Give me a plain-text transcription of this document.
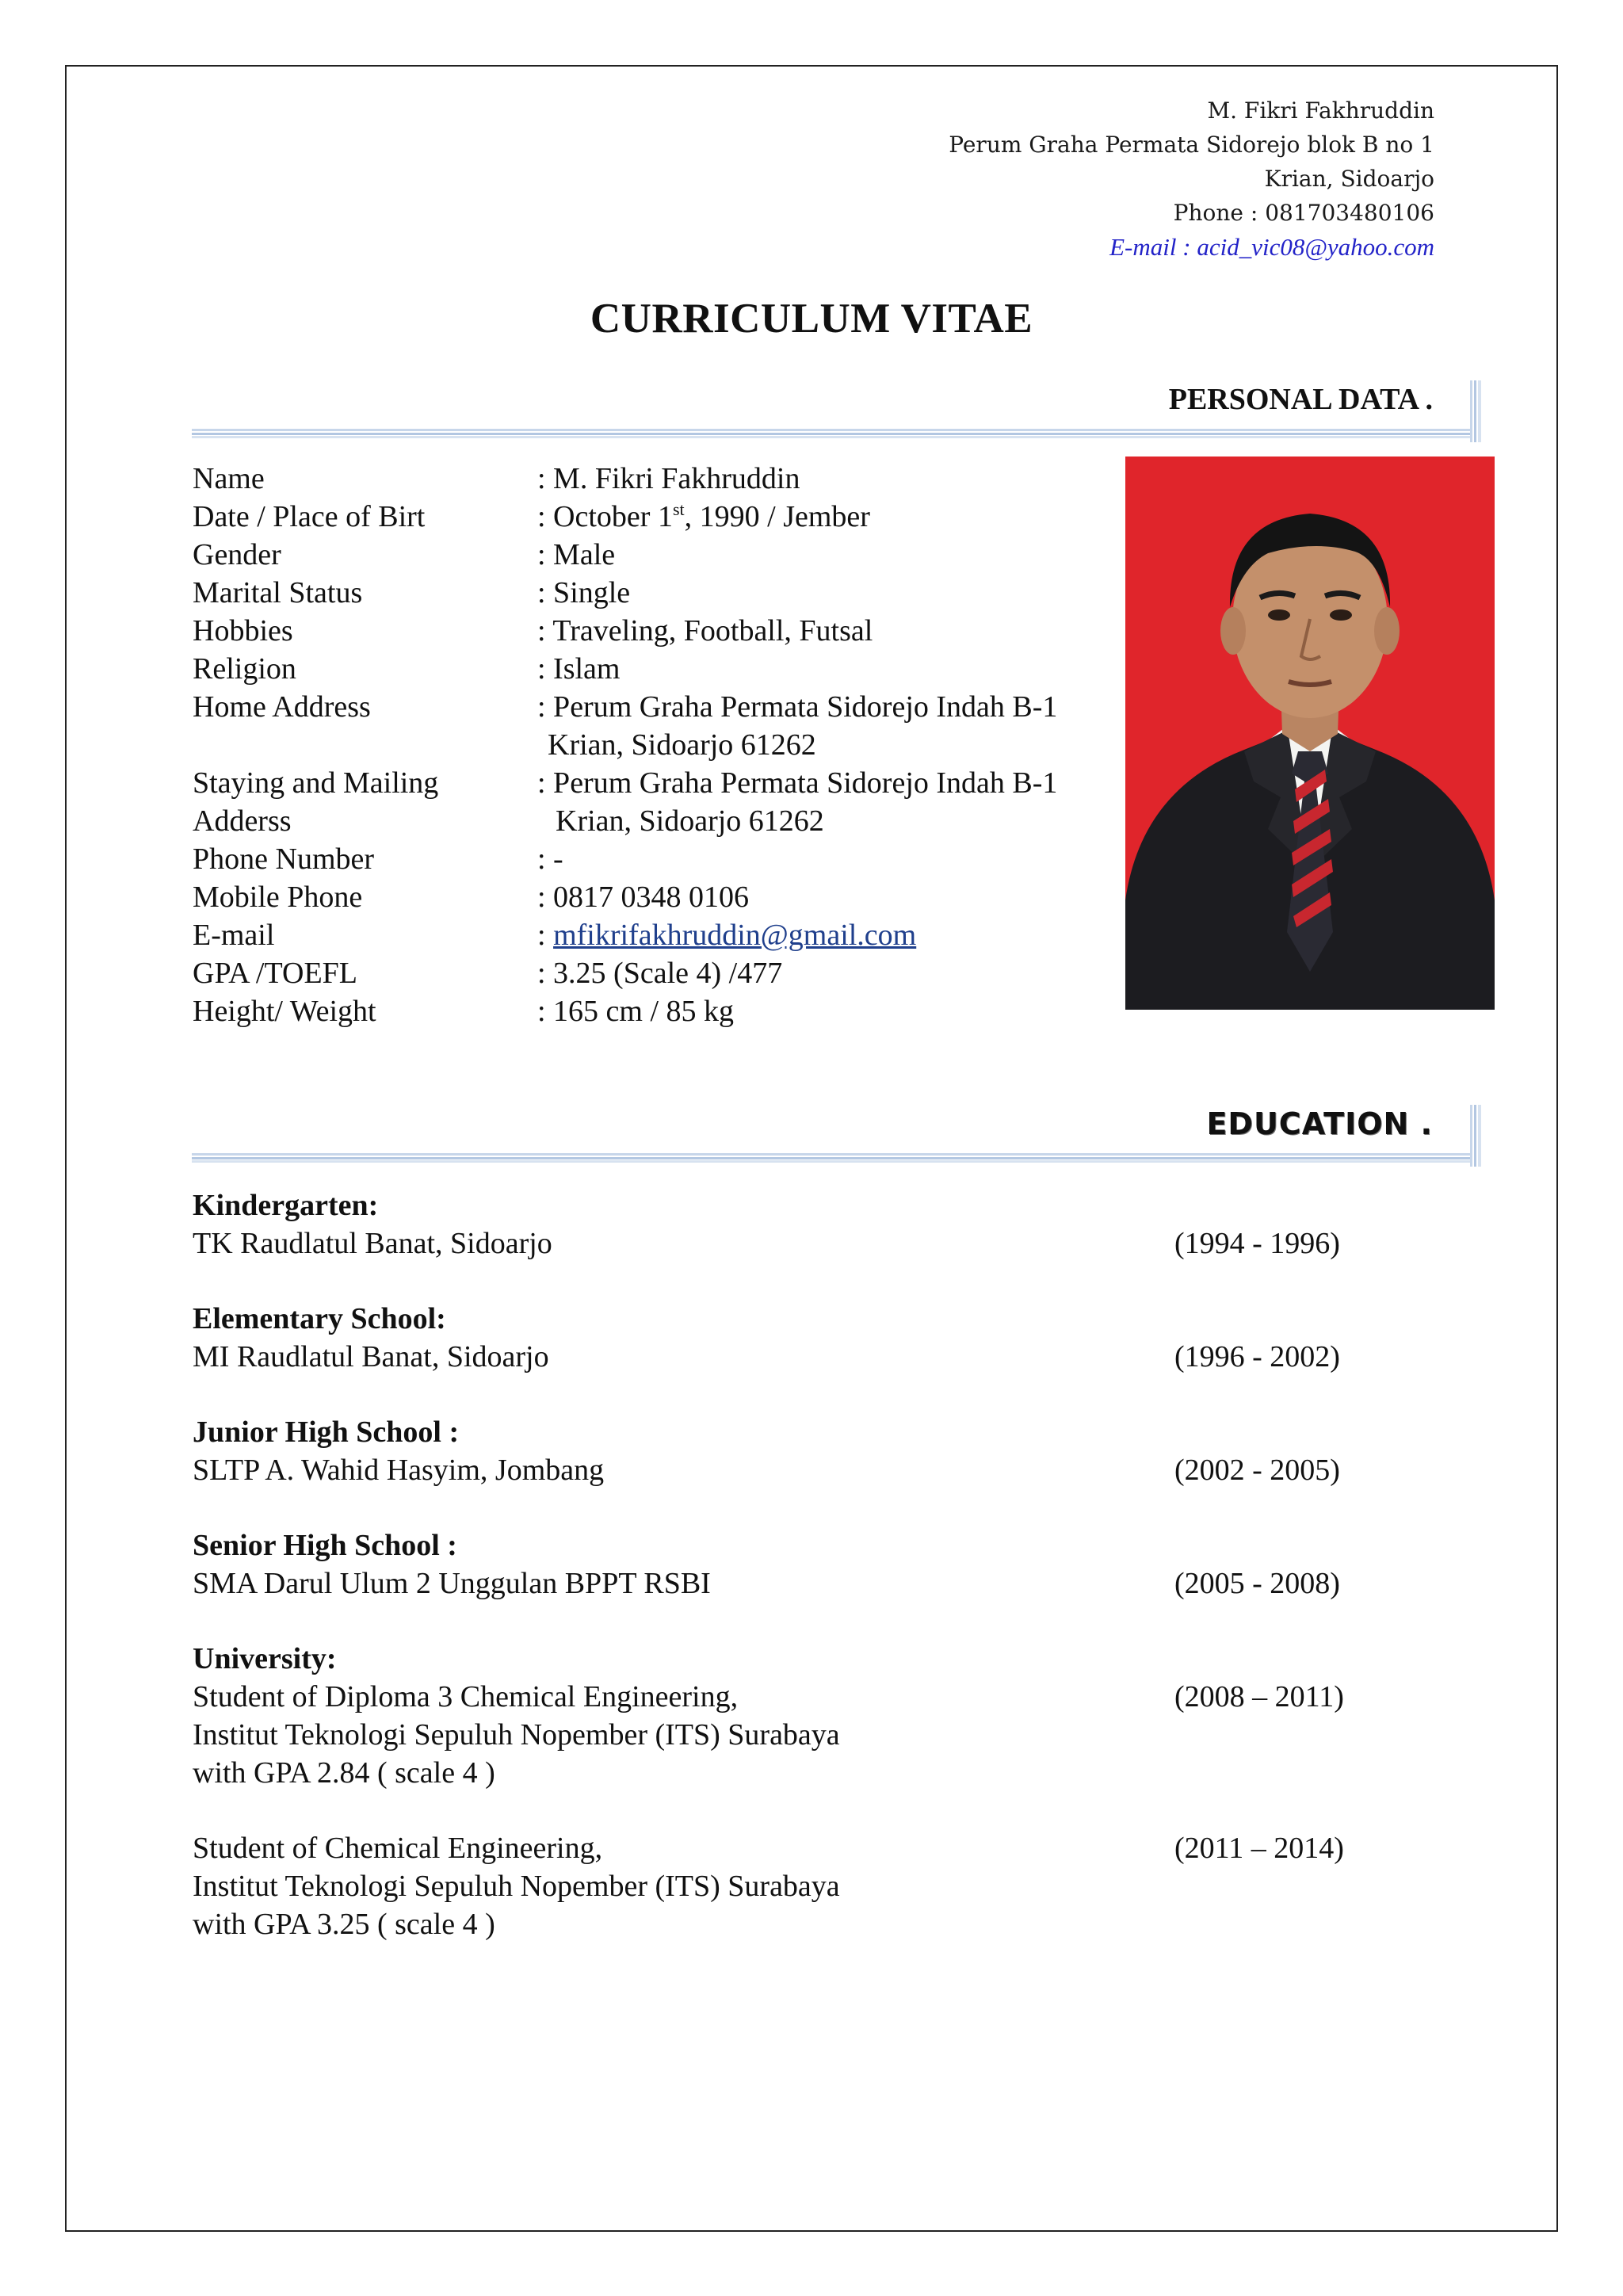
M. Fikri Fakhruddin
Perum Graha Permata Sidorejo blok B no 1
Krian, Sidoarjo
Phone : 081703480106
E-mail : acid_vic08@yahoo.com
CURRICULUM VITAE
PERSONAL DATA .
Name	: M. Fikri Fakhruddin
Date / Place of Birt	: October 1st, 1990 / Jember
Gender	: Male
Marital Status	: Single
Hobbies	: Traveling, Football, Futsal
Religion	: Islam
Home Address	: Perum Graha Permata Sidorejo Indah B-1
Krian, Sidoarjo 61262
Staying and Mailing	: Perum Graha Permata Sidorejo Indah B-1
Adderss	Krian, Sidoarjo 61262
Phone Number	: -
Mobile Phone	: 0817 0348 0106
E-mail	: mfikrifakhruddin@gmail.com
GPA /TOEFL	: 3.25 (Scale 4) /477
Height/ Weight	: 165 cm / 85 kg
EDUCATION .
Kindergarten:
TK Raudlatul Banat, Sidoarjo	(1994 - 1996)
Elementary School:
MI Raudlatul Banat, Sidoarjo	(1996 - 2002)
Junior High School :
SLTP A. Wahid Hasyim, Jombang	(2002 - 2005)
Senior High School :
SMA Darul Ulum 2 Unggulan BPPT RSBI	(2005 - 2008)
University:
Student of Diploma 3 Chemical Engineering,
Institut Teknologi Sepuluh Nopember (ITS) Surabaya
with GPA 2.84 ( scale 4 )
(2008 – 2011)
Student of Chemical Engineering,
Institut Teknologi Sepuluh Nopember (ITS) Surabaya
with GPA 3.25 ( scale 4 )
(2011 – 2014)
